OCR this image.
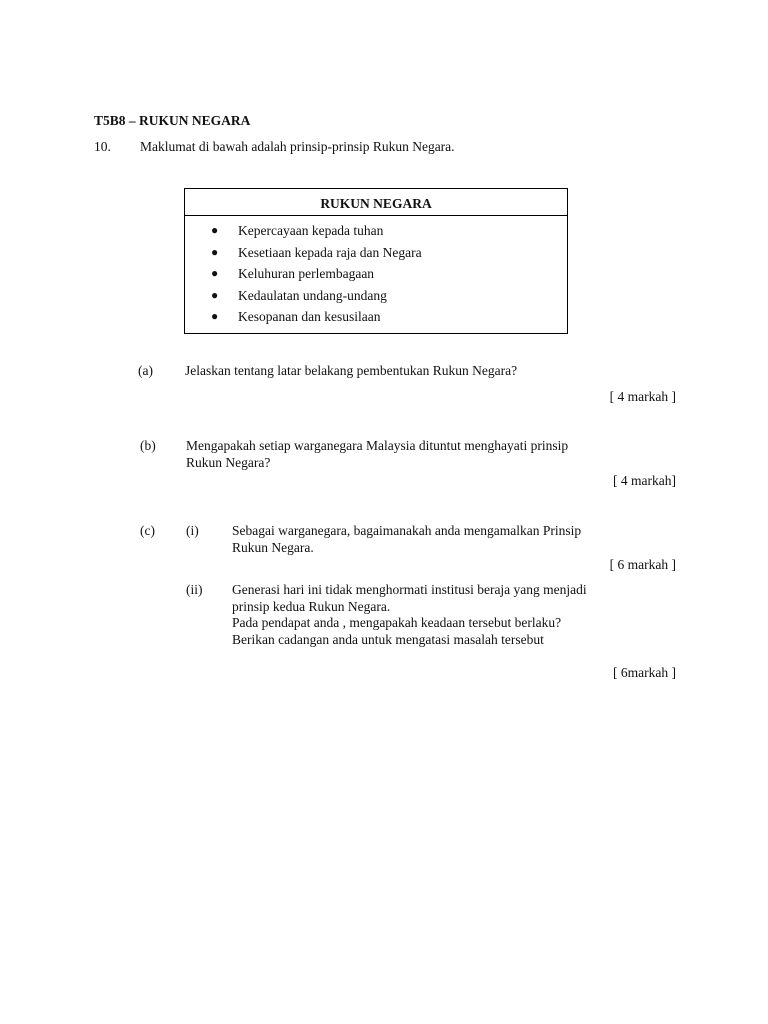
T5B8 – RUKUN NEGARA
10. Maklumat di bawah adalah prinsip-prinsip Rukun Negara.
RUKUN NEGARA
● Kepercayaan kepada tuhan
● Kesetiaan kepada raja dan Negara
● Keluhuran perlembagaan
● Kedaulatan undang-undang
● Kesopanan dan kesusilaan
(a) Jelaskan tentang latar belakang pembentukan Rukun Negara?
[ 4 markah ]
(b) Mengapakah setiap warganegara Malaysia dituntut menghayati prinsip
Rukun Negara?
[ 4 markah]
(c) (i) Sebagai warganegara, bagaimanakah anda mengamalkan Prinsip
Rukun Negara.
[ 6 markah ]
(ii) Generasi hari ini tidak menghormati institusi beraja yang menjadi
prinsip kedua Rukun Negara.
Pada pendapat anda , mengapakah keadaan tersebut berlaku?
Berikan cadangan anda untuk mengatasi masalah tersebut
[ 6markah ]
